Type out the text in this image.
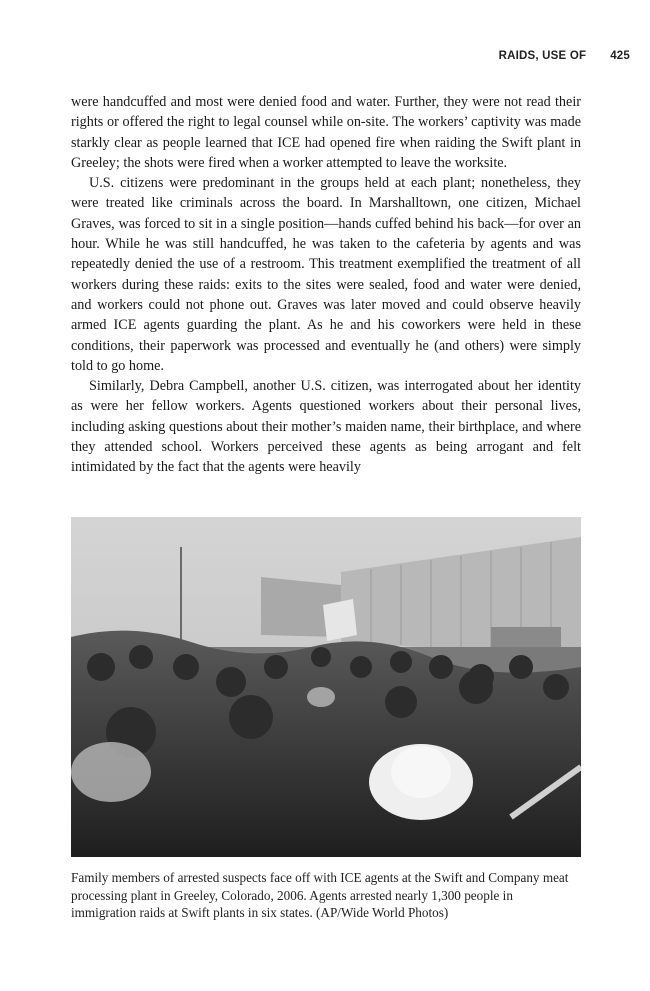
RAIDS, USE OF 425

were handcuffed and most were denied food and water. Further, they were not read their rights or offered the right to legal counsel while on-site. The workers’ captivity was made starkly clear as people learned that ICE had opened fire when raiding the Swift plant in Greeley; the shots were fired when a worker attempted to leave the worksite.

U.S. citizens were predominant in the groups held at each plant; nonetheless, they were treated like criminals across the board. In Marshalltown, one citizen, Michael Graves, was forced to sit in a single position—hands cuffed behind his back—for over an hour. While he was still handcuffed, he was taken to the cafeteria by agents and was repeatedly denied the use of a restroom. This treatment exemplified the treatment of all workers during these raids: exits to the sites were sealed, food and water were denied, and workers could not phone out. Graves was later moved and could observe heavily armed ICE agents guarding the plant. As he and his coworkers were held in these conditions, their paperwork was processed and eventually he (and others) were simply told to go home.

Similarly, Debra Campbell, another U.S. citizen, was interrogated about her identity as were her fellow workers. Agents questioned workers about their personal lives, including asking questions about their mother’s maiden name, their birthplace, and where they attended school. Workers perceived these agents as being arrogant and felt intimidated by the fact that the agents were heavily

Family members of arrested suspects face off with ICE agents at the Swift and Company meat processing plant in Greeley, Colorado, 2006. Agents arrested nearly 1,300 people in immigration raids at Swift plants in six states. (AP/Wide World Photos)
